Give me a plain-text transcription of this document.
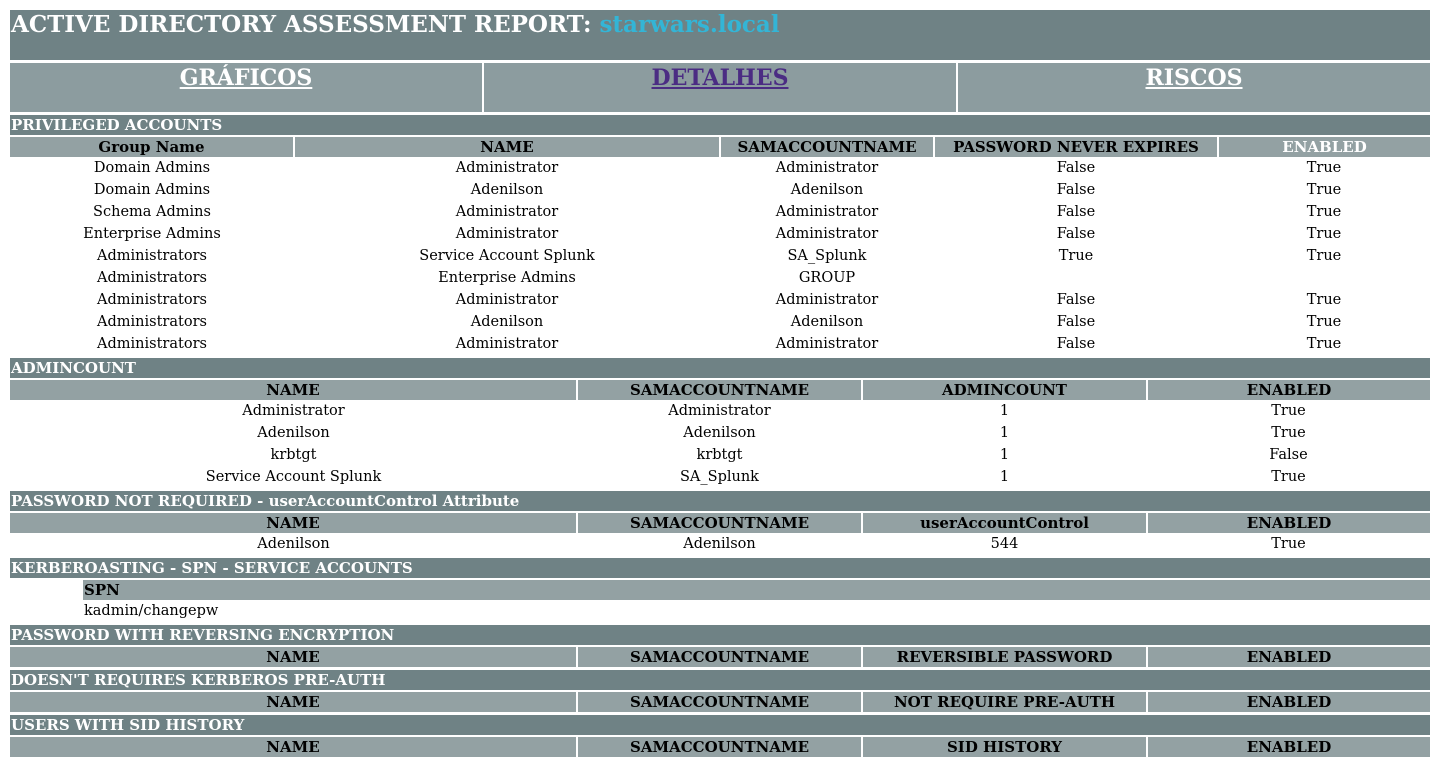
ACTIVE DIRECTORY ASSESSMENT REPORT: starwars.local
GRÁFICOS	DETALHES	RISCOS
PRIVILEGED ACCOUNTS
Group Name	NAME	SAMACCOUNTNAME	PASSWORD NEVER EXPIRES	ENABLED
Domain Admins	Administrator	Administrator	False	True
Domain Admins	Adenilson	Adenilson	False	True
Schema Admins	Administrator	Administrator	False	True
Enterprise Admins	Administrator	Administrator	False	True
Administrators	Service Account Splunk	SA_Splunk	True	True
Administrators	Enterprise Admins	GROUP		
Administrators	Administrator	Administrator	False	True
Administrators	Adenilson	Adenilson	False	True
Administrators	Administrator	Administrator	False	True
ADMINCOUNT
NAME	SAMACCOUNTNAME	ADMINCOUNT	ENABLED
Administrator	Administrator	1	True
Adenilson	Adenilson	1	True
krbtgt	krbtgt	1	False
Service Account Splunk	SA_Splunk	1	True
PASSWORD NOT REQUIRED - userAccountControl Attribute
NAME	SAMACCOUNTNAME	userAccountControl	ENABLED
Adenilson	Adenilson	544	True
KERBEROASTING - SPN - SERVICE ACCOUNTS
SPN
kadmin/changepw
PASSWORD WITH REVERSING ENCRYPTION
NAME	SAMACCOUNTNAME	REVERSIBLE PASSWORD	ENABLED
DOESN'T REQUIRES KERBEROS PRE-AUTH
NAME	SAMACCOUNTNAME	NOT REQUIRE PRE-AUTH	ENABLED
USERS WITH SID HISTORY
NAME	SAMACCOUNTNAME	SID HISTORY	ENABLED
